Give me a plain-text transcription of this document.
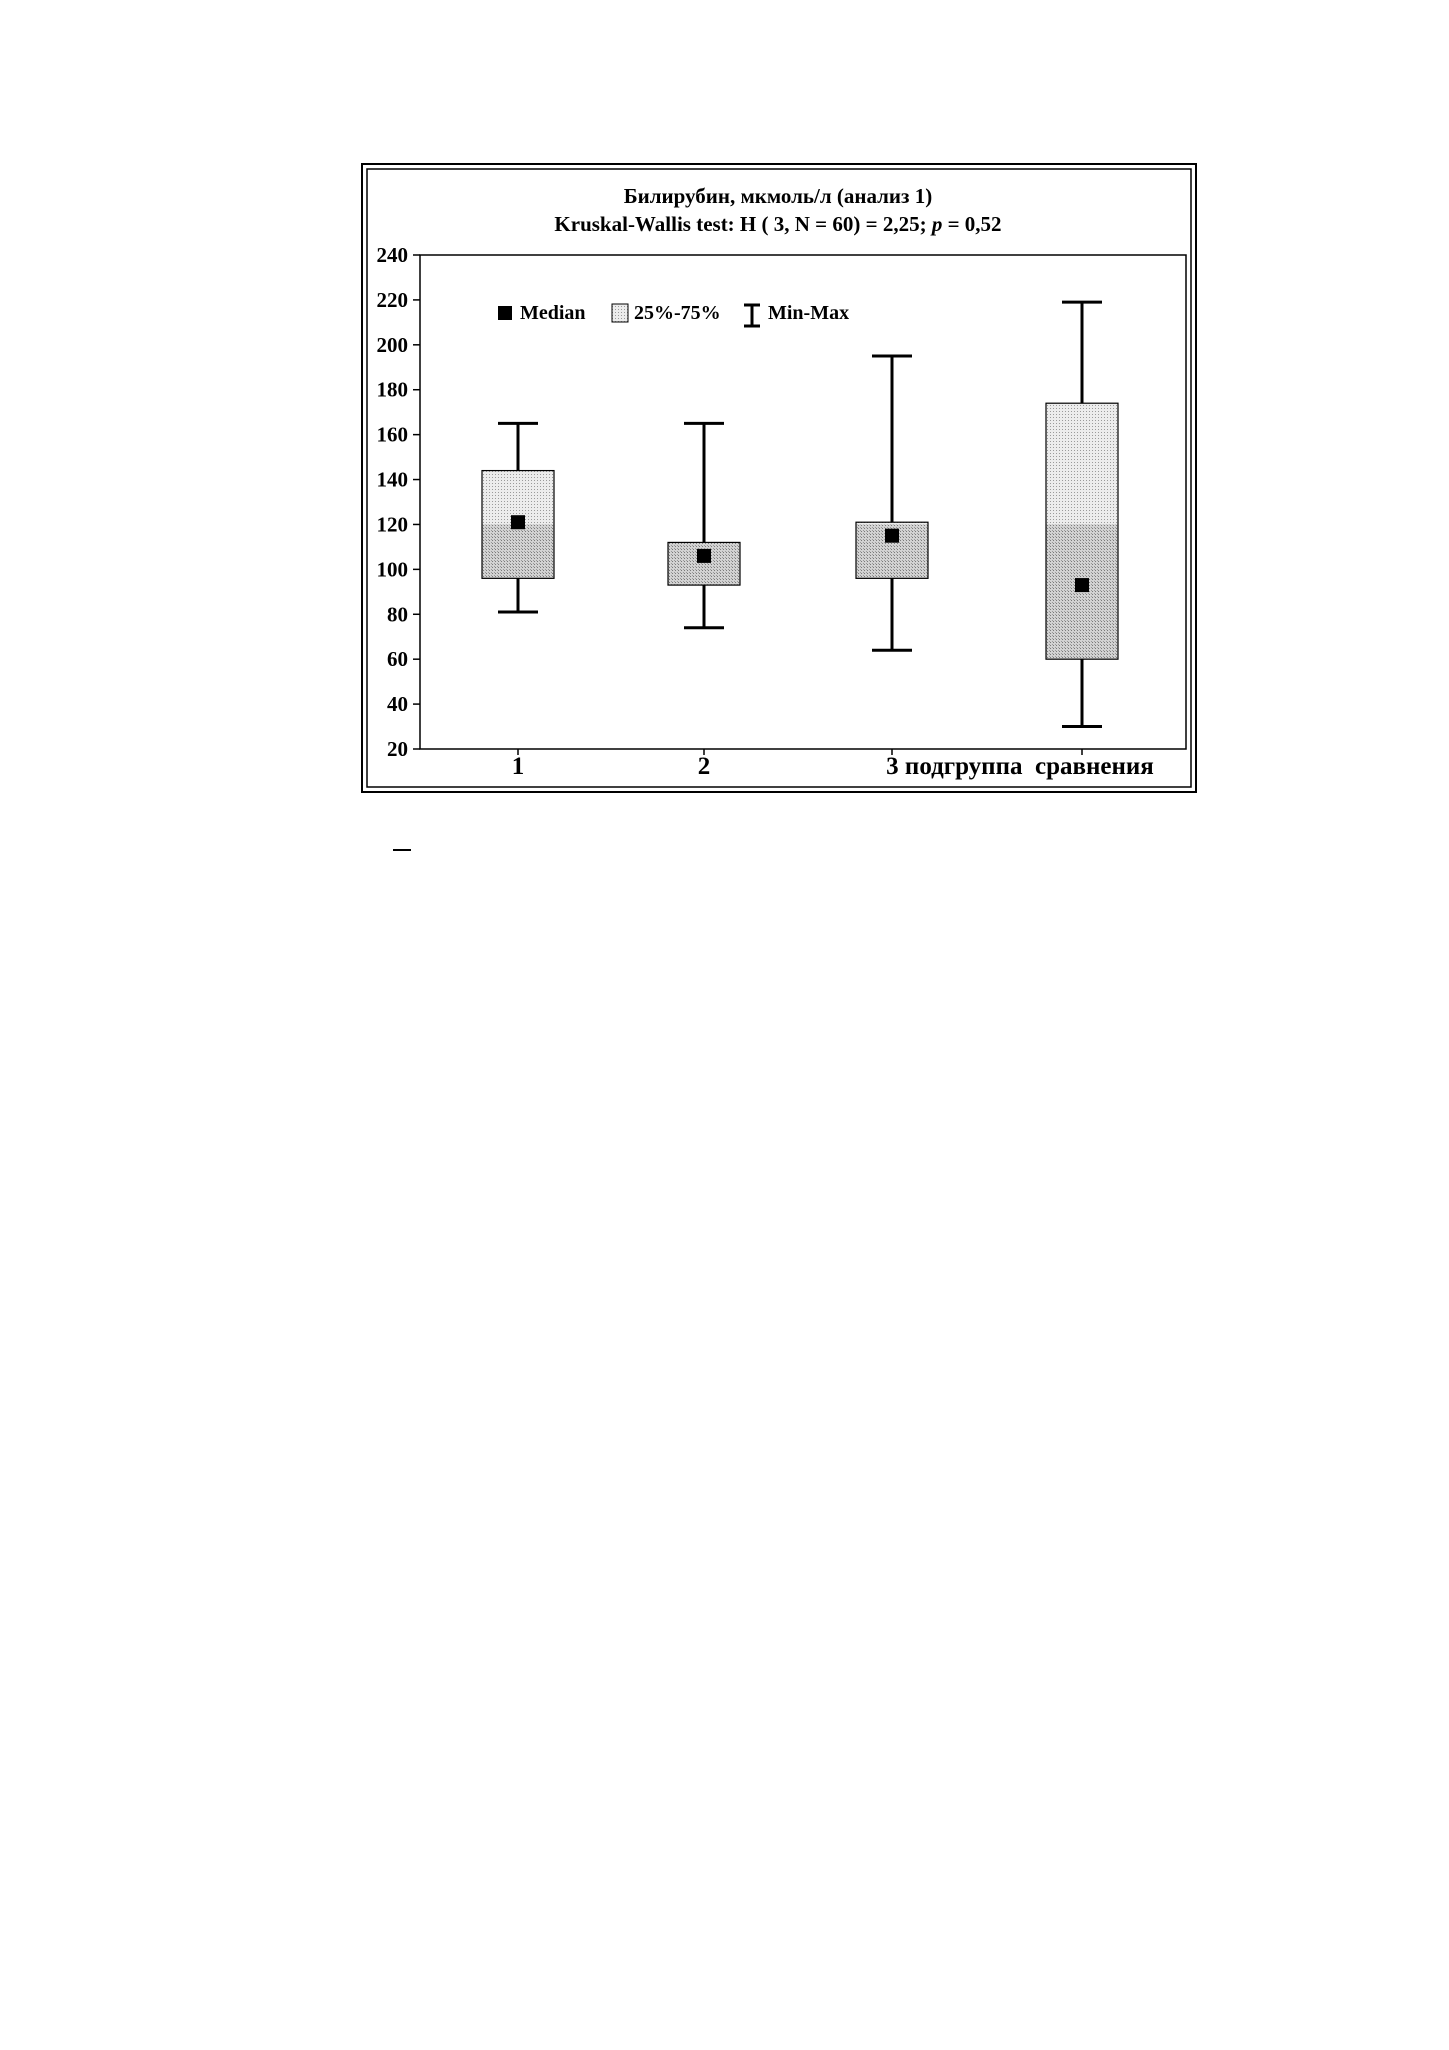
Билирубин, мкмоль/л (анализ 1)
Kruskal-Wallis test: H ( 3, N = 60) = 2,25; p = 0,52
20
40
60
80
100
120
140
160
180
200
220
240
Median 25%-75% Min-Max
1	2	3 подгруппа  сравнения
